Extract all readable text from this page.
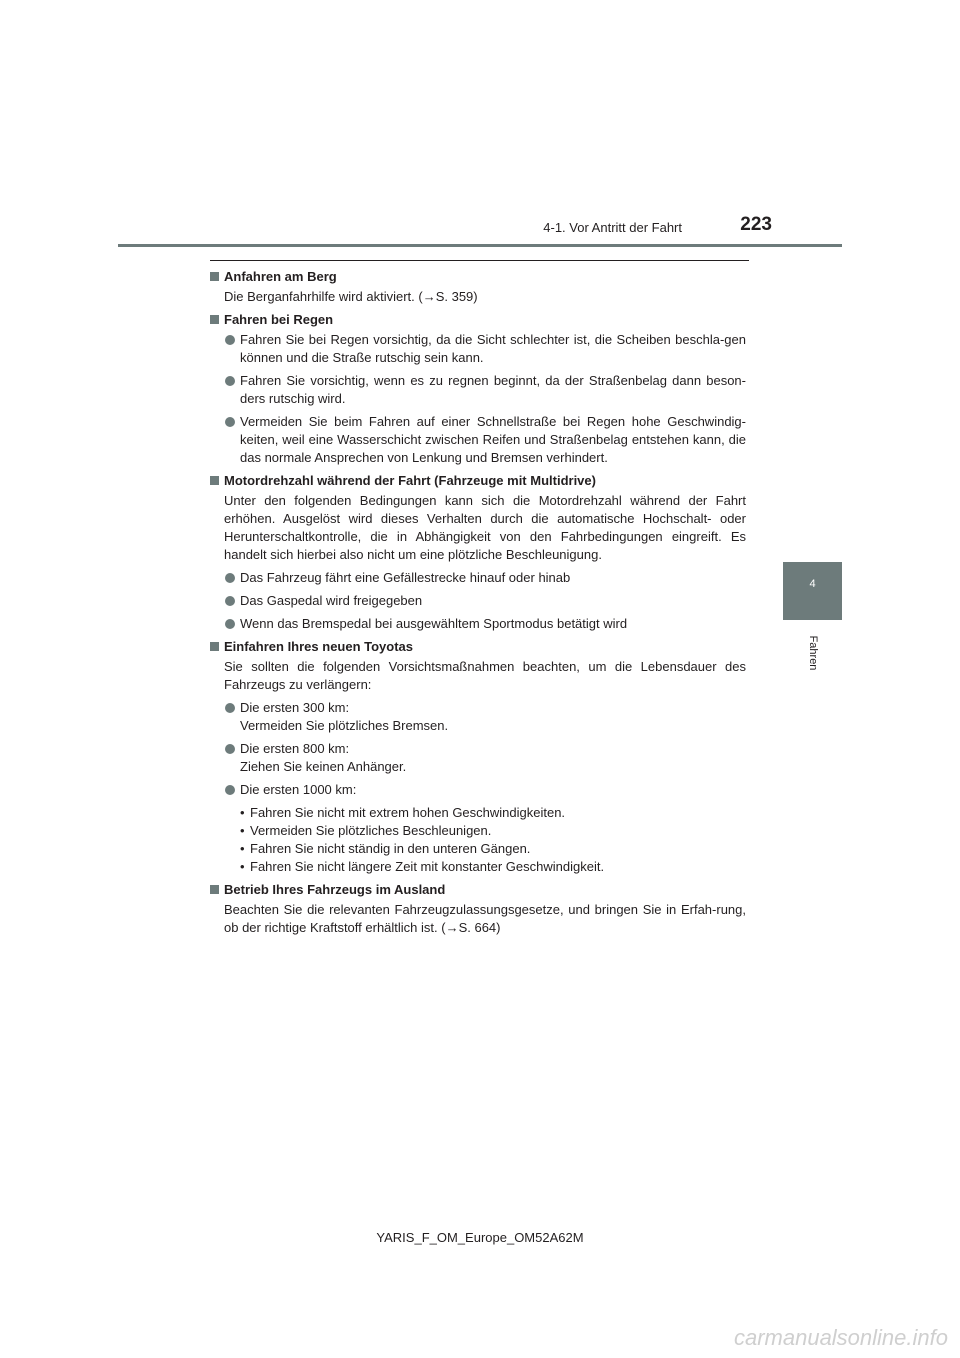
4-1. Vor Antritt der Fahrt	223
4
Fahren
Anfahren am Berg
Die Berganfahrhilfe wird aktiviert. (→S. 359)
Fahren bei Regen
Fahren Sie bei Regen vorsichtig, da die Sicht schlechter ist, die Scheiben beschla-gen können und die Straße rutschig sein kann.
Fahren Sie vorsichtig, wenn es zu regnen beginnt, da der Straßenbelag dann beson-ders rutschig wird.
Vermeiden Sie beim Fahren auf einer Schnellstraße bei Regen hohe Geschwindig-keiten, weil eine Wasserschicht zwischen Reifen und Straßenbelag entstehen kann, die das normale Ansprechen von Lenkung und Bremsen verhindert.
Motordrehzahl während der Fahrt (Fahrzeuge mit Multidrive)
Unter den folgenden Bedingungen kann sich die Motordrehzahl während der Fahrt erhöhen. Ausgelöst wird dieses Verhalten durch die automatische Hochschalt- oder Herunterschaltkontrolle, die in Abhängigkeit von den Fahrbedingungen eingreift. Es handelt sich hierbei also nicht um eine plötzliche Beschleunigung.
Das Fahrzeug fährt eine Gefällestrecke hinauf oder hinab
Das Gaspedal wird freigegeben
Wenn das Bremspedal bei ausgewähltem Sportmodus betätigt wird
Einfahren Ihres neuen Toyotas
Sie sollten die folgenden Vorsichtsmaßnahmen beachten, um die Lebensdauer des Fahrzeugs zu verlängern:
Die ersten 300 km:
Vermeiden Sie plötzliches Bremsen.
Die ersten 800 km:
Ziehen Sie keinen Anhänger.
Die ersten 1000 km:
• Fahren Sie nicht mit extrem hohen Geschwindigkeiten.
• Vermeiden Sie plötzliches Beschleunigen.
• Fahren Sie nicht ständig in den unteren Gängen.
• Fahren Sie nicht längere Zeit mit konstanter Geschwindigkeit.
Betrieb Ihres Fahrzeugs im Ausland
Beachten Sie die relevanten Fahrzeugzulassungsgesetze, und bringen Sie in Erfah-rung, ob der richtige Kraftstoff erhältlich ist. (→S. 664)
YARIS_F_OM_Europe_OM52A62M
carmanualsonline.info
